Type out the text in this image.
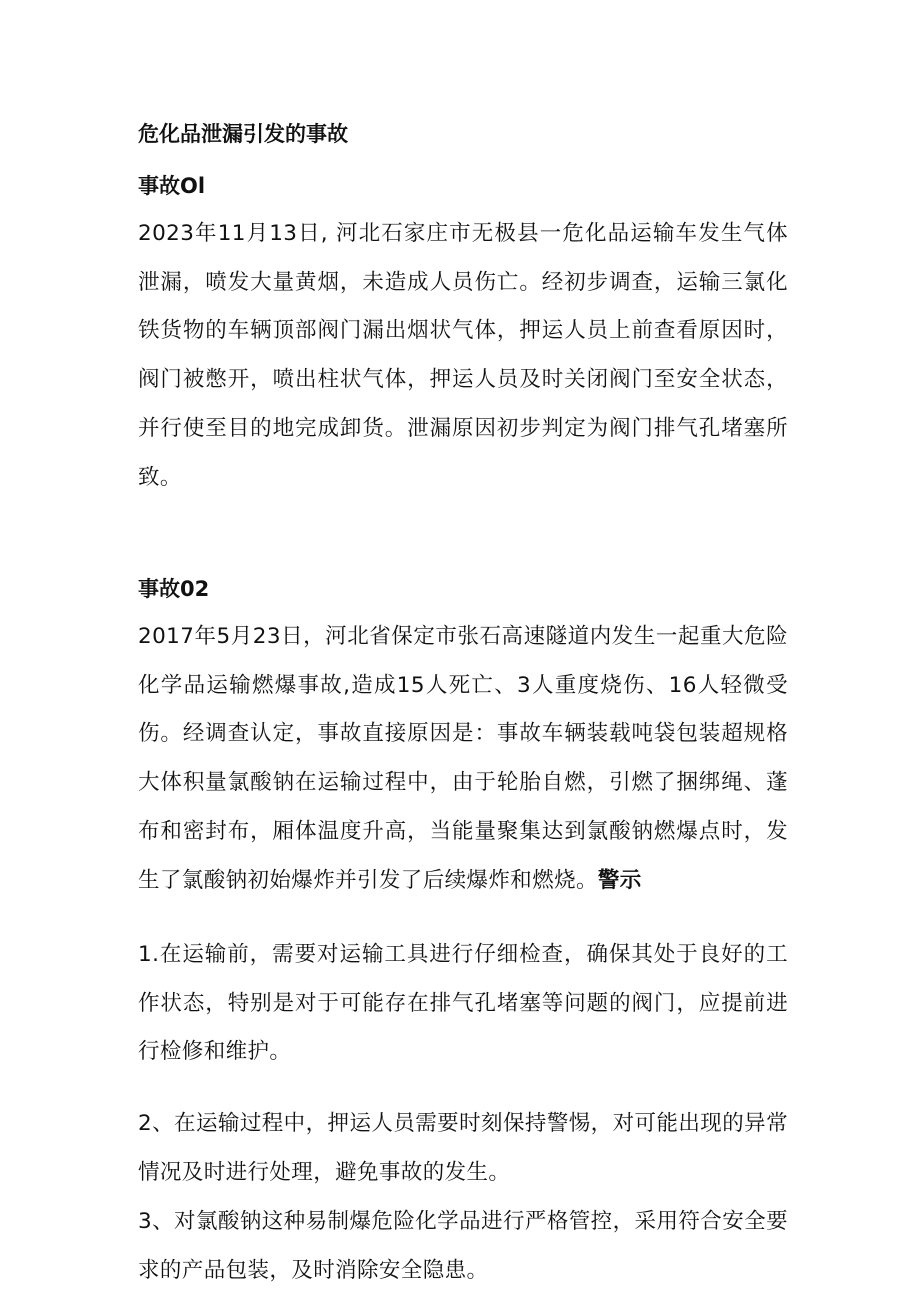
危化品泄漏引发的事故

事故Ol

2023年11月13日, 河北石家庄市无极县一危化品运输车发生气体泄漏，喷发大量黄烟，未造成人员伤亡。经初步调查，运输三氯化铁货物的车辆顶部阀门漏出烟状气体，押运人员上前查看原因时，阀门被憋开，喷出柱状气体，押运人员及时关闭阀门至安全状态，并行使至目的地完成卸货。泄漏原因初步判定为阀门排气孔堵塞所致。

事故02

2017年5月23日，河北省保定市张石高速隧道内发生一起重大危险化学品运输燃爆事故,造成15人死亡、3人重度烧伤、16人轻微受伤。经调查认定，事故直接原因是：事故车辆装载吨袋包装超规格大体积量氯酸钠在运输过程中，由于轮胎自燃，引燃了捆绑绳、蓬布和密封布，厢体温度升高，当能量聚集达到氯酸钠燃爆点时，发生了氯酸钠初始爆炸并引发了后续爆炸和燃烧。警示

1.在运输前，需要对运输工具进行仔细检查，确保其处于良好的工作状态，特别是对于可能存在排气孔堵塞等问题的阀门，应提前进行检修和维护。

2、在运输过程中，押运人员需要时刻保持警惕，对可能出现的异常情况及时进行处理，避免事故的发生。

3、对氯酸钠这种易制爆危险化学品进行严格管控，采用符合安全要求的产品包装，及时消除安全隐患。
